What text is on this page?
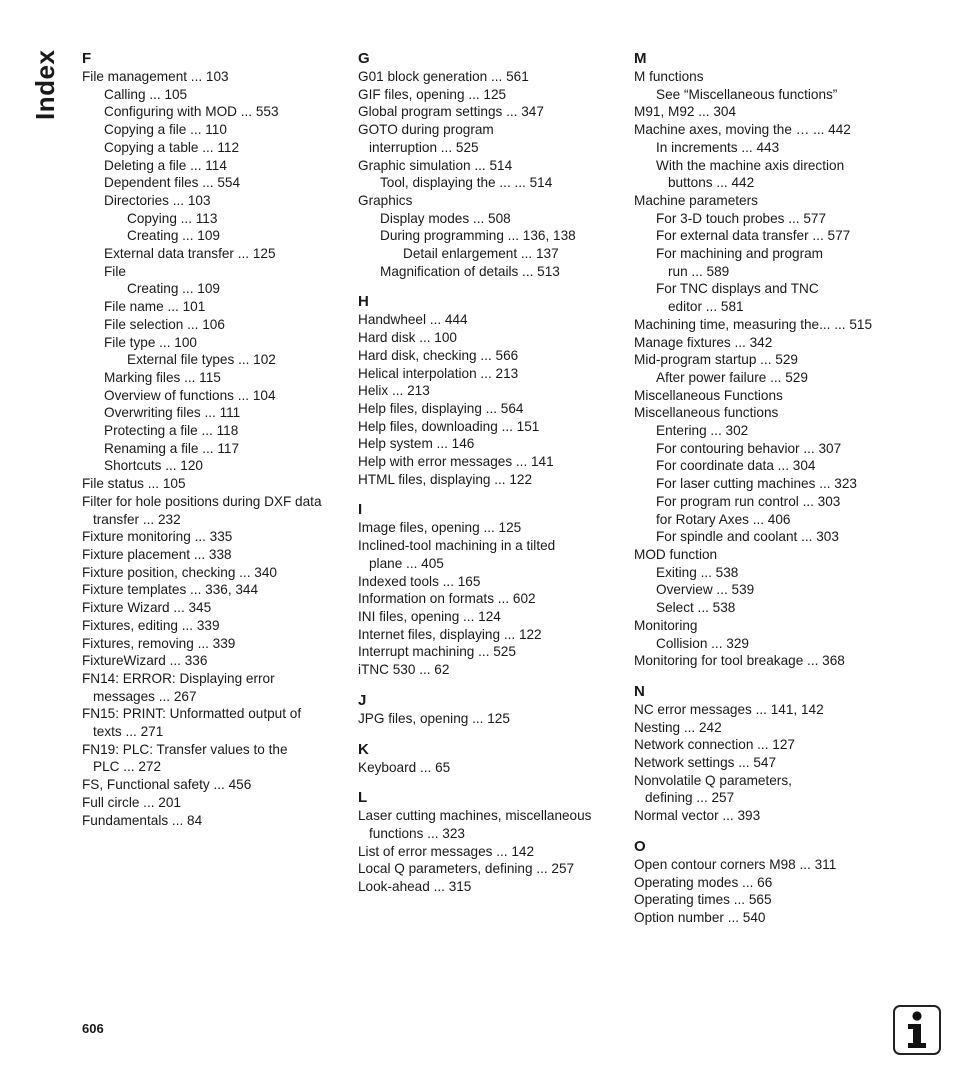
Index F
File management ... 103
Calling ... 105
Configuring with MOD ... 553
Copying a file ... 110
Copying a table ... 112
Deleting a file ... 114
Dependent files ... 554
Directories ... 103
Copying ... 113
Creating ... 109
External data transfer ... 125
File
Creating ... 109
File name ... 101
File selection ... 106
File type ... 100
External file types ... 102
Marking files ... 115
Overview of functions ... 104
Overwriting files ... 111
Protecting a file ... 118
Renaming a file ... 117
Shortcuts ... 120
File status ... 105
Filter for hole positions during DXF data
transfer ... 232
Fixture monitoring ... 335
Fixture placement ... 338
Fixture position, checking ... 340
Fixture templates ... 336, 344
Fixture Wizard ... 345
Fixtures, editing ... 339
Fixtures, removing ... 339
FixtureWizard ... 336
FN14: ERROR: Displaying error
messages ... 267
FN15: PRINT: Unformatted output of
texts ... 271
FN19: PLC: Transfer values to the
PLC ... 272
FS, Functional safety ... 456
Full circle ... 201
Fundamentals ... 84
G
G01 block generation ... 561
GIF files, opening ... 125
Global program settings ... 347
GOTO during program
interruption ... 525
Graphic simulation ... 514
Tool, displaying the ... ... 514
Graphics
Display modes ... 508
During programming ... 136, 138
Detail enlargement ... 137
Magnification of details ... 513
H
Handwheel ... 444
Hard disk ... 100
Hard disk, checking ... 566
Helical interpolation ... 213
Helix ... 213
Help files, displaying ... 564
Help files, downloading ... 151
Help system ... 146
Help with error messages ... 141
HTML files, displaying ... 122
I
Image files, opening ... 125
Inclined-tool machining in a tilted
plane ... 405
Indexed tools ... 165
Information on formats ... 602
INI files, opening ... 124
Internet files, displaying ... 122
Interrupt machining ... 525
iTNC 530 ... 62
J
JPG files, opening ... 125
K
Keyboard ... 65
L
Laser cutting machines, miscellaneous
functions ... 323
List of error messages ... 142
Local Q parameters, defining ... 257
Look-ahead ... 315
M
M functions
See “Miscellaneous functions”
M91, M92 ... 304
Machine axes, moving the … ... 442
In increments ... 443
With the machine axis direction
buttons ... 442
Machine parameters
For 3-D touch probes ... 577
For external data transfer ... 577
For machining and program
run ... 589
For TNC displays and TNC
editor ... 581
Machining time, measuring the... ... 515
Manage fixtures ... 342
Mid-program startup ... 529
After power failure ... 529
Miscellaneous Functions
Miscellaneous functions
Entering ... 302
For contouring behavior ... 307
For coordinate data ... 304
For laser cutting machines ... 323
For program run control ... 303
for Rotary Axes ... 406
For spindle and coolant ... 303
MOD function
Exiting ... 538
Overview ... 539
Select ... 538
Monitoring
Collision ... 329
Monitoring for tool breakage ... 368
N
NC error messages ... 141, 142
Nesting ... 242
Network connection ... 127
Network settings ... 547
Nonvolatile Q parameters,
defining ... 257
Normal vector ... 393
O
Open contour corners M98 ... 311
Operating modes ... 66
Operating times ... 565
Option number ... 540
606
